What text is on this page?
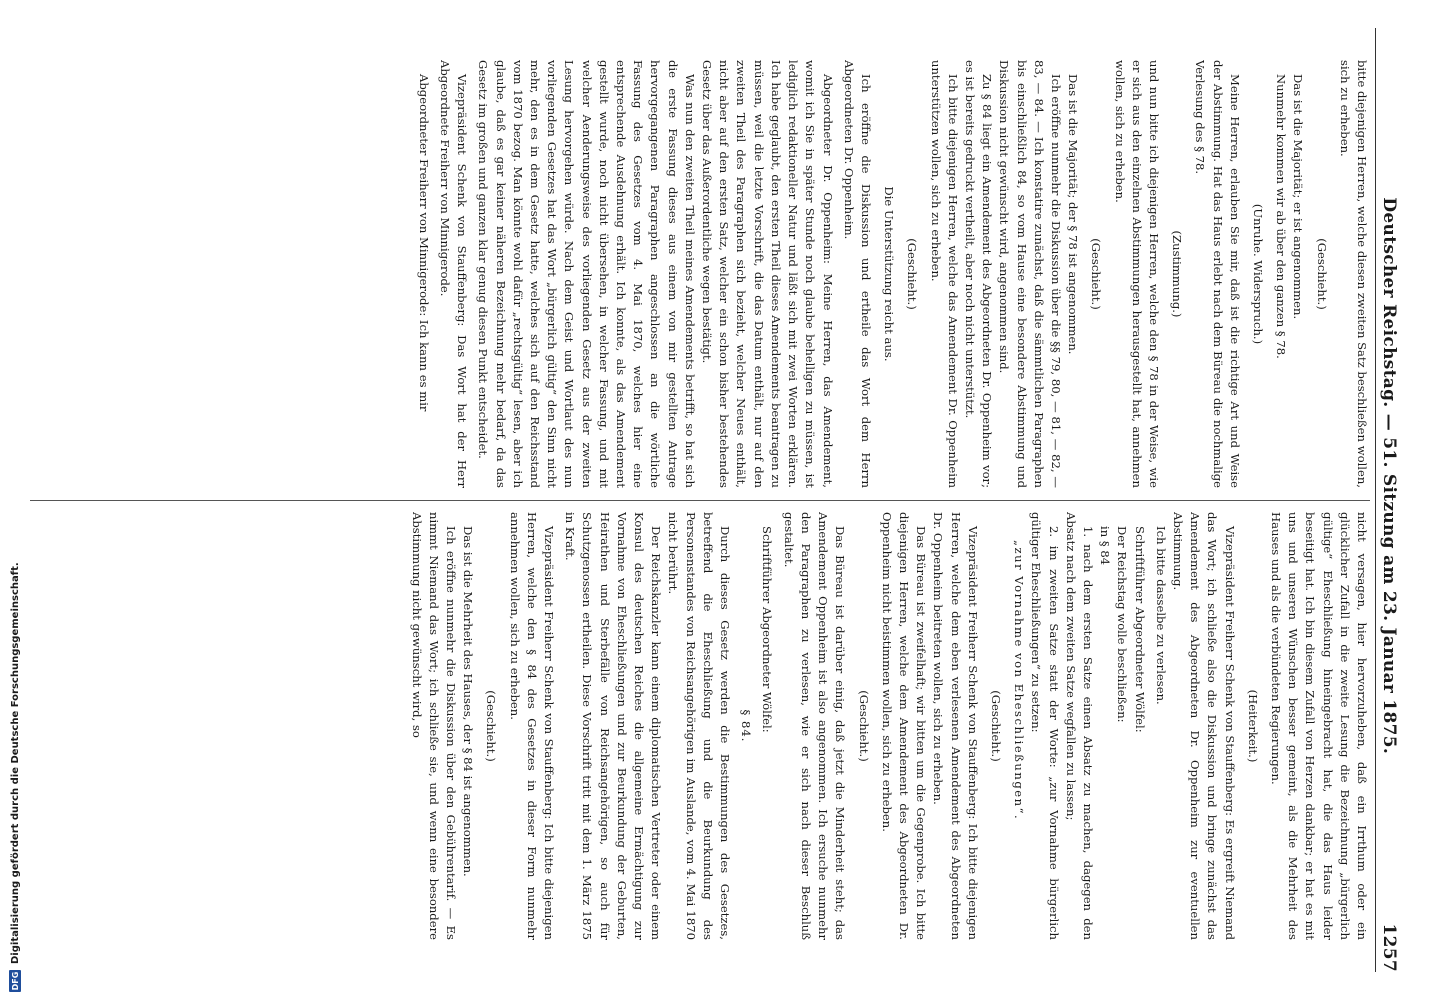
Deutscher Reichstag. — 51. Sitzung am 23. Januar 1875.
1257

bitte diejenigen Herren, welche diesen zweiten Satz beschließen wollen, sich zu erheben.

(Geschieht.)

Das ist die Majorität; er ist angenommen.

Nunmehr kommen wir ab über den ganzen § 78.

(Unruhe. Widerspruch.)

Meine Herren, erlauben Sie mir, daß ist die richtige Art und Weise der Abstimmung. Hat das Haus erlebt nach dem Büreau die nochmalige Verlesung des § 78.

(Zustimmung.)

und nun bitte ich diejenigen Herren, welche den § 78 in der Weise, wie er sich aus den einzelnen Abstimmungen herausgestellt hat, annehmen wollen, sich zu erheben.

(Geschieht.)

Das ist die Majorität; der § 78 ist angenommen.

Ich eröffne nunmehr die Diskussion über die §§ 79, 80, — 81, — 82, — 83, — 84. — Ich konstatire zunächst, daß die sämmtlichen Paragraphen bis einschließlich 84, so vom Hause eine besondere Abstimmung und Diskussion nicht gewünscht wird, angenommen sind.

Zu § 84 liegt ein Amendement des Abgeordneten Dr. Oppenheim vor; es ist bereits gedruckt vertheilt, aber noch nicht unterstützt.

Ich bitte diejenigen Herren, welche das Amendement Dr. Oppenheim unterstützen wollen, sich zu erheben.

(Geschieht.)

Die Unterstützung reicht aus.

Ich eröffne die Diskussion und ertheile das Wort dem Herrn Abgeordneten Dr. Oppenheim.

Abgeordneter Dr. Oppenheim: Meine Herren, das Amendement, womit ich Sie in später Stunde noch glaube behelligen zu müssen, ist lediglich redaktioneller Natur und läßt sich mit zwei Worten erklären. Ich habe geglaubt, den ersten Theil dieses Amendements beantragen zu müssen, weil die letzte Vorschrift, die das Datum enthält, nur auf den zweiten Theil des Paragraphen sich bezieht, welcher Neues enthält, nicht aber auf den ersten Satz, welcher ein schon bisher bestehendes Gesetz über das Außerordentliche wegen bestätigt.

Was nun den zweiten Theil meines Amendements betrifft, so hat sich die erste Fassung dieses aus einem von mir gestellten Antrage hervorgegangenen Paragraphen angeschlossen an die wörtliche Fassung des Gesetzes vom 4. Mai 1870, welches hier eine entsprechende Ausdehnung erhält. Ich konnte, als das Amendement gestellt wurde, noch nicht übersehen, in welcher Fassung, und mit welcher Aenderungsweise des vorliegenden Gesetz aus der zweiten Lesung hervorgehen würde. Nach dem Geist und Wortlaut des nun vorliegenden Gesetzes hat das Wort „bürgerlich gültig“ den Sinn nicht mehr, den es in dem Gesetz hatte, welches sich auf den Reichsstand vom 1870 bezog. Man könnte wohl dafür „rechtsgültig“ lesen, aber ich glaube, daß es gar keiner näheren Bezeichnung mehr bedarf, da das Gesetz im großen und ganzen klar genug diesen Punkt entscheidet.

Vizepräsident Schenk von Stauffenberg: Das Wort hat der Herr Abgeordnete Freiherr von Minnigerode.

Abgeordneter Freiherr von Minnigerode: Ich kann es mir

nicht versagen, hier hervorzuheben, daß ein Irrthum oder ein glücklicher Zufall in die zweite Lesung die Bezeichnung „bürgerlich gültige“ Eheschließung hineingebracht hat, die das Haus leider beseitigt hat. Ich bin diesem Zufall von Herzen dankbar; er hat es mit uns und unseren Wünschen besser gemeint, als die Mehrheit des Hauses und als die verbündeten Regierungen.

(Heiterkeit.)

Vizepräsident Freiherr Schenk von Stauffenberg: Es ergreift Niemand das Wort; ich schließe also die Diskussion und bringe zunächst das Amendement des Abgeordneten Dr. Oppenheim zur eventuellen Abstimmung.

Ich bitte dasselbe zu verlesen.

Schriftführer Abgeordneter Wölfel:

Der Reichstag wolle beschließen:

in § 84

1. nach dem ersten Satze einen Absatz zu machen, dagegen den Absatz nach dem zweiten Satze wegfallen zu lassen;

2. im zweiten Satze statt der Worte: „zur Vornahme bürgerlich gültiger Eheschließungen“ zu setzen:

„zur Vornahme von Eheschließungen“.

(Geschieht.)

Vizepräsident Freiherr Schenk von Stauffenberg: Ich bitte diejenigen Herren, welche dem eben verlesenen Amendement des Abgeordneten Dr. Oppenheim beitreten wollen, sich zu erheben.

Das Büreau ist zweifelhaft; wir bitten um die Gegenprobe. Ich bitte diejenigen Herren, welche dem Amendement des Abgeordneten Dr. Oppenheim nicht beistimmen wollen, sich zu erheben.

(Geschieht.)

Das Büreau ist darüber einig, daß jetzt die Minderheit steht; das Amendement Oppenheim ist also angenommen. Ich ersuche nunmehr den Paragraphen zu verlesen, wie er sich nach dieser Beschluß gestaltet.

Schriftführer Abgeordneter Wölfel:

§ 84.

Durch dieses Gesetz werden die Bestimmungen des Gesetzes, betreffend die Eheschließung und die Beurkundung des Personenstandes von Reichsangehörigen im Auslande, vom 4. Mai 1870 nicht berührt.

Der Reichskanzler kann einem diplomatischen Vertreter oder einem Konsul des deutschen Reiches die allgemeine Ermächtigung zur Vornahme von Eheschließungen und zur Beurkundung der Geburten, Heirathen und Sterbefälle von Reichsangehörigen, so auch für Schutzgenossen ertheilen. Diese Vorschrift tritt mit dem 1. März 1875 in Kraft.

Vizepräsident Freiherr Schenk von Stauffenberg: Ich bitte diejenigen Herren, welche den § 84 des Gesetzes in dieser Form nunmehr annehmen wollen, sich zu erheben.

(Geschieht.)

Das ist die Mehrheit des Hauses, der § 84 ist angenommen.

Ich eröffne nunmehr die Diskussion über den Gebührentarif. — Es nimmt Niemand das Wort; ich schließe sie, und wenn eine besondere Abstimmung nicht gewünscht wird, so

DFG
Digitalisierung gefördert durch die Deutsche Forschungsgemeinschaft.
